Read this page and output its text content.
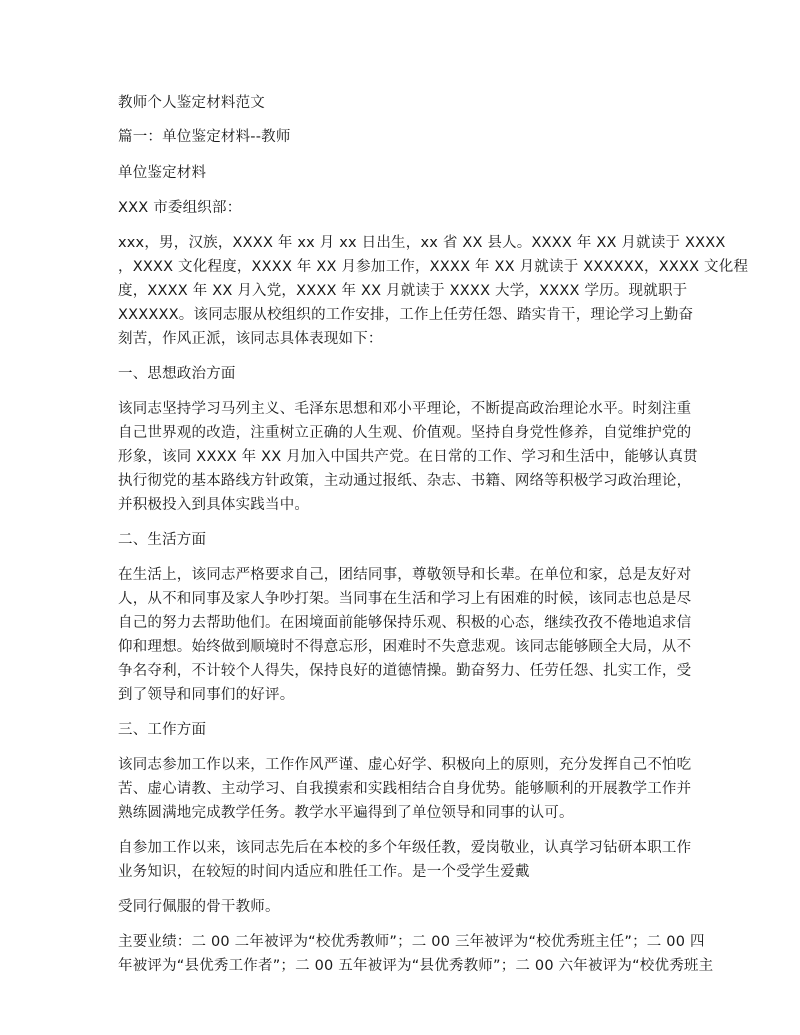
教师个人鉴定材料范文
篇一：单位鉴定材料--教师
单位鉴定材料
XXX 市委组织部：
xxx，男，汉族，XXXX 年 xx 月 xx 日出生，xx 省 XX 县人。XXXX 年 XX 月就读于 XXXX
，XXXX 文化程度，XXXX 年 XX 月参加工作，XXXX 年 XX 月就读于 XXXXXX，XXXX 文化程
度，XXXX 年 XX 月入党，XXXX 年 XX 月就读于 XXXX 大学，XXXX 学历。现就职于
XXXXXX。该同志服从校组织的工作安排，工作上任劳任怨、踏实肯干，理论学习上勤奋
刻苦，作风正派，该同志具体表现如下：
一、思想政治方面
该同志坚持学习马列主义、毛泽东思想和邓小平理论，不断提高政治理论水平。时刻注重
自己世界观的改造，注重树立正确的人生观、价值观。坚持自身党性修养，自觉维护党的
形象，该同 XXXX 年 XX 月加入中国共产党。在日常的工作、学习和生活中，能够认真贯
执行彻党的基本路线方针政策，主动通过报纸、杂志、书籍、网络等积极学习政治理论，
并积极投入到具体实践当中。
二、生活方面
在生活上，该同志严格要求自己，团结同事，尊敬领导和长辈。在单位和家，总是友好对
人，从不和同事及家人争吵打架。当同事在生活和学习上有困难的时候，该同志也总是尽
自己的努力去帮助他们。在困境面前能够保持乐观、积极的心态，继续孜孜不倦地追求信
仰和理想。始终做到顺境时不得意忘形，困难时不失意悲观。该同志能够顾全大局，从不
争名夺利，不计较个人得失，保持良好的道德情操。勤奋努力、任劳任怨、扎实工作，受
到了领导和同事们的好评。
三、工作方面
该同志参加工作以来，工作作风严谨、虚心好学、积极向上的原则，充分发挥自己不怕吃
苦、虚心请教、主动学习、自我摸索和实践相结合自身优势。能够顺利的开展教学工作并
熟练圆满地完成教学任务。教学水平遍得到了单位领导和同事的认可。
自参加工作以来，该同志先后在本校的多个年级任教，爱岗敬业，认真学习钻研本职工作
业务知识，在较短的时间内适应和胜任工作。是一个受学生爱戴
受同行佩服的骨干教师。
主要业绩：二 00 二年被评为“校优秀教师”；二 00 三年被评为“校优秀班主任”；二 00 四
年被评为“县优秀工作者”；二 00 五年被评为“县优秀教师”；二 00 六年被评为“校优秀班主
